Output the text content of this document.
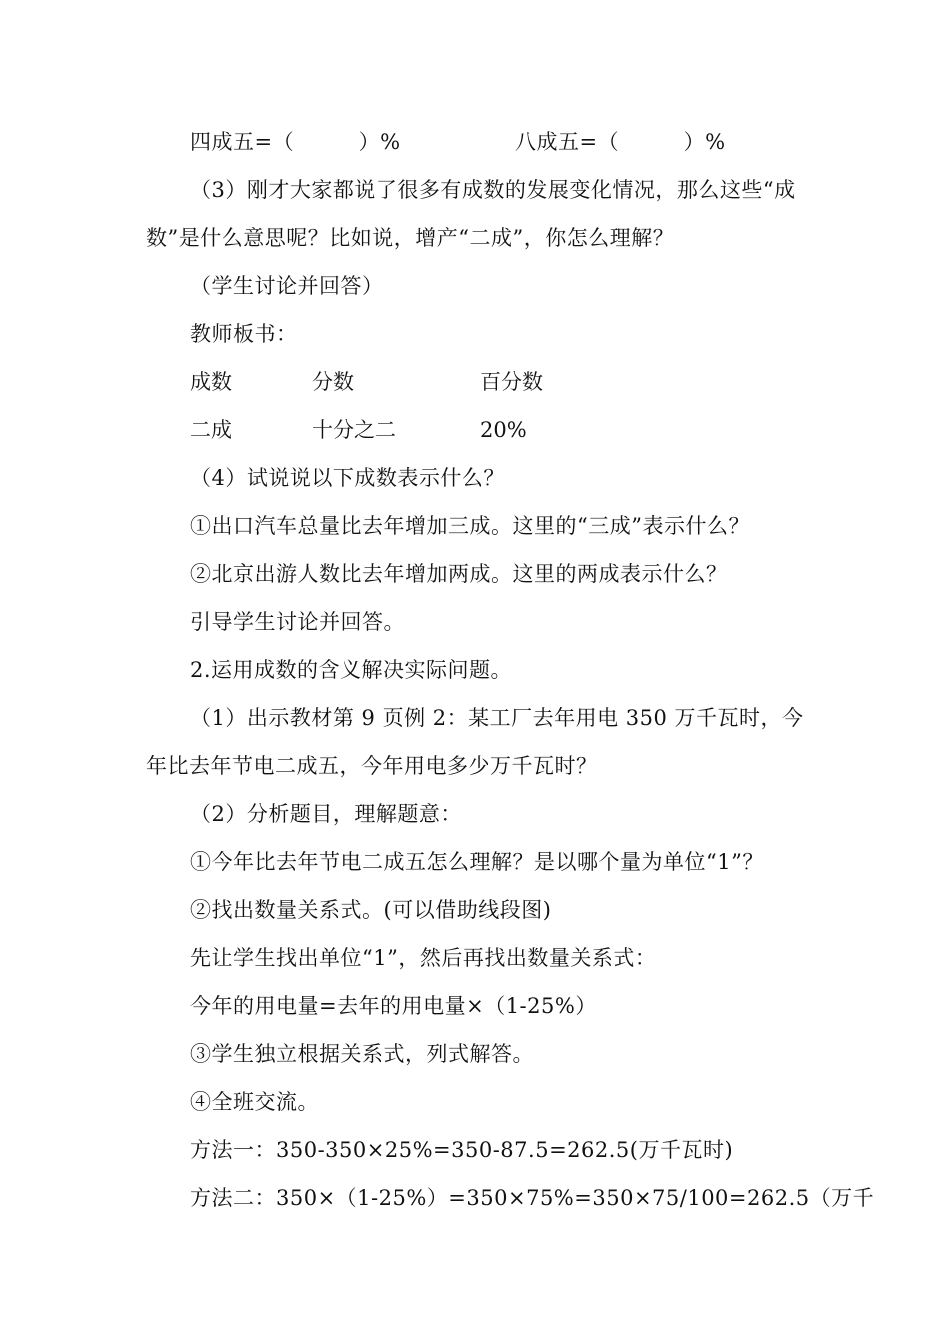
四成五=（　　　）%	八成五=（　　　）%
（3）刚才大家都说了很多有成数的发展变化情况，那么这些“成
数”是什么意思呢？比如说，增产“二成”，你怎么理解？
（学生讨论并回答）
教师板书：
成数	分数	百分数
二成	十分之二	20%
（4）试说说以下成数表示什么？
①出口汽车总量比去年增加三成。这里的“三成”表示什么？
②北京出游人数比去年增加两成。这里的两成表示什么？
引导学生讨论并回答。
2.运用成数的含义解决实际问题。
（1）出示教材第 9 页例 2：某工厂去年用电 350 万千瓦时，今
年比去年节电二成五，今年用电多少万千瓦时？
（2）分析题目，理解题意：
①今年比去年节电二成五怎么理解？是以哪个量为单位“1”？
②找出数量关系式。(可以借助线段图)
先让学生找出单位“1”，然后再找出数量关系式：
今年的用电量=去年的用电量×（1-25%）
③学生独立根据关系式，列式解答。
④全班交流。
方法一：350-350×25%=350-87.5=262.5(万千瓦时)
方法二：350×（1-25%）=350×75%=350×75/100=262.5（万千
